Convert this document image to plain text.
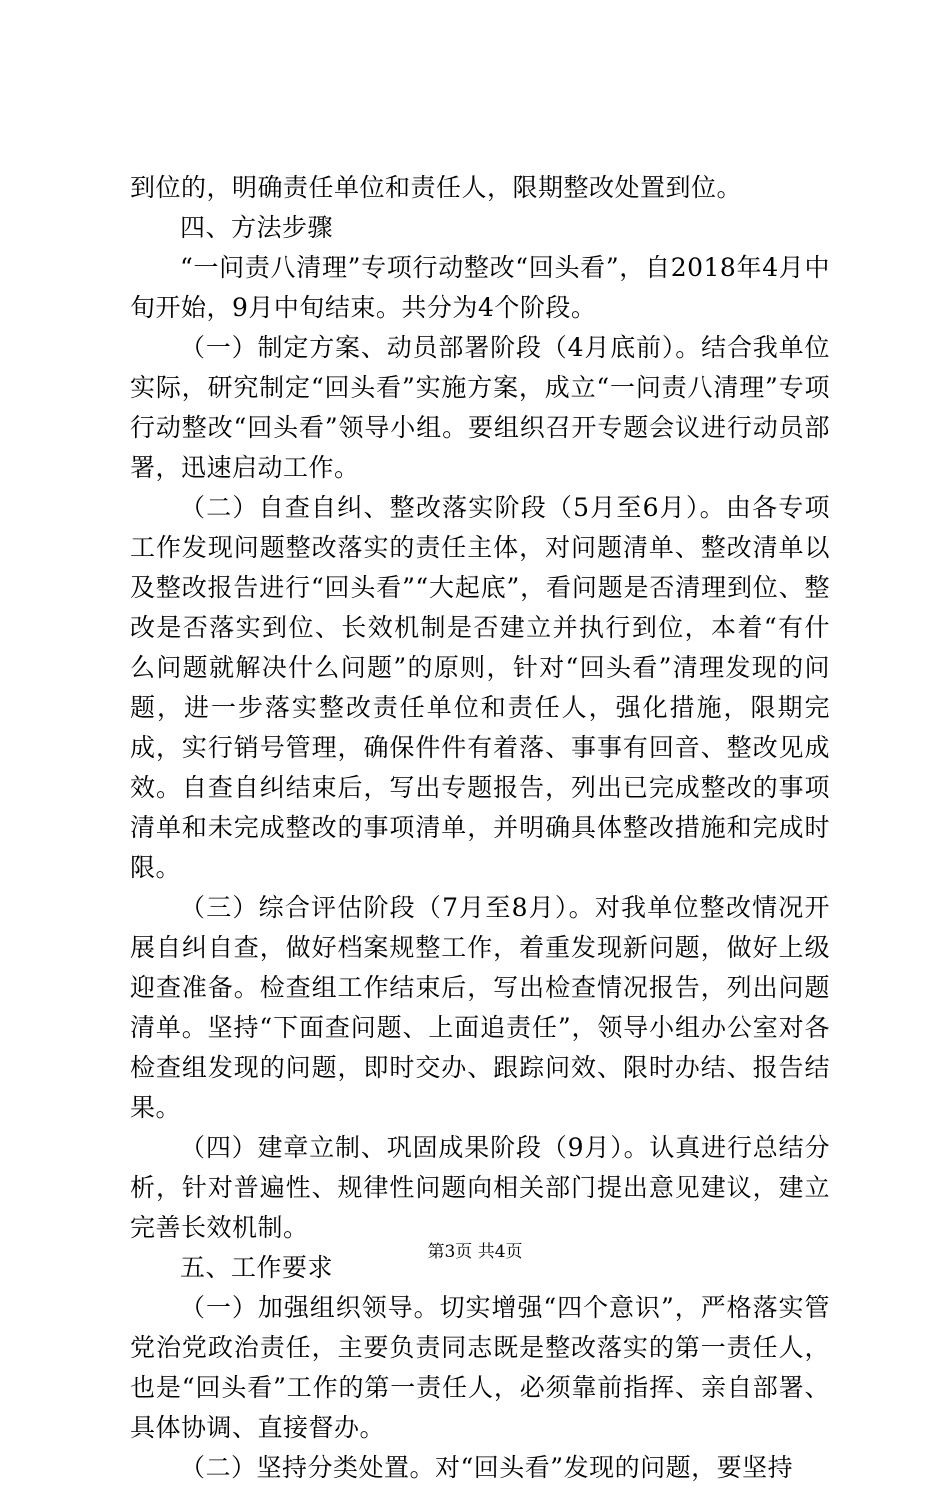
到位的，明确责任单位和责任人，限期整改处置到位。

四、方法步骤

“一问责八清理”专项行动整改“回头看”，自2018年4月中旬开始，9月中旬结束。共分为4个阶段。

（一）制定方案、动员部署阶段（4月底前）。结合我单位实际，研究制定“回头看”实施方案，成立“一问责八清理”专项行动整改“回头看”领导小组。要组织召开专题会议进行动员部署，迅速启动工作。

（二）自查自纠、整改落实阶段（5月至6月）。由各专项工作发现问题整改落实的责任主体，对问题清单、整改清单以及整改报告进行“回头看”“大起底”，看问题是否清理到位、整改是否落实到位、长效机制是否建立并执行到位，本着“有什么问题就解决什么问题”的原则，针对“回头看”清理发现的问题，进一步落实整改责任单位和责任人，强化措施，限期完成，实行销号管理，确保件件有着落、事事有回音、整改见成效。自查自纠结束后，写出专题报告，列出已完成整改的事项清单和未完成整改的事项清单，并明确具体整改措施和完成时限。

（三）综合评估阶段（7月至8月）。对我单位整改情况开展自纠自查，做好档案规整工作，着重发现新问题，做好上级迎查准备。检查组工作结束后，写出检查情况报告，列出问题清单。坚持“下面查问题、上面追责任”，领导小组办公室对各检查组发现的问题，即时交办、跟踪问效、限时办结、报告结果。

（四）建章立制、巩固成果阶段（9月）。认真进行总结分析，针对普遍性、规律性问题向相关部门提出意见建议，建立完善长效机制。

五、工作要求

（一）加强组织领导。切实增强“四个意识”，严格落实管党治党政治责任，主要负责同志既是整改落实的第一责任人，也是“回头看”工作的第一责任人，必须靠前指挥、亲自部署、具体协调、直接督办。

（二）坚持分类处置。对“回头看”发现的问题，要坚持

第3页 共4页
